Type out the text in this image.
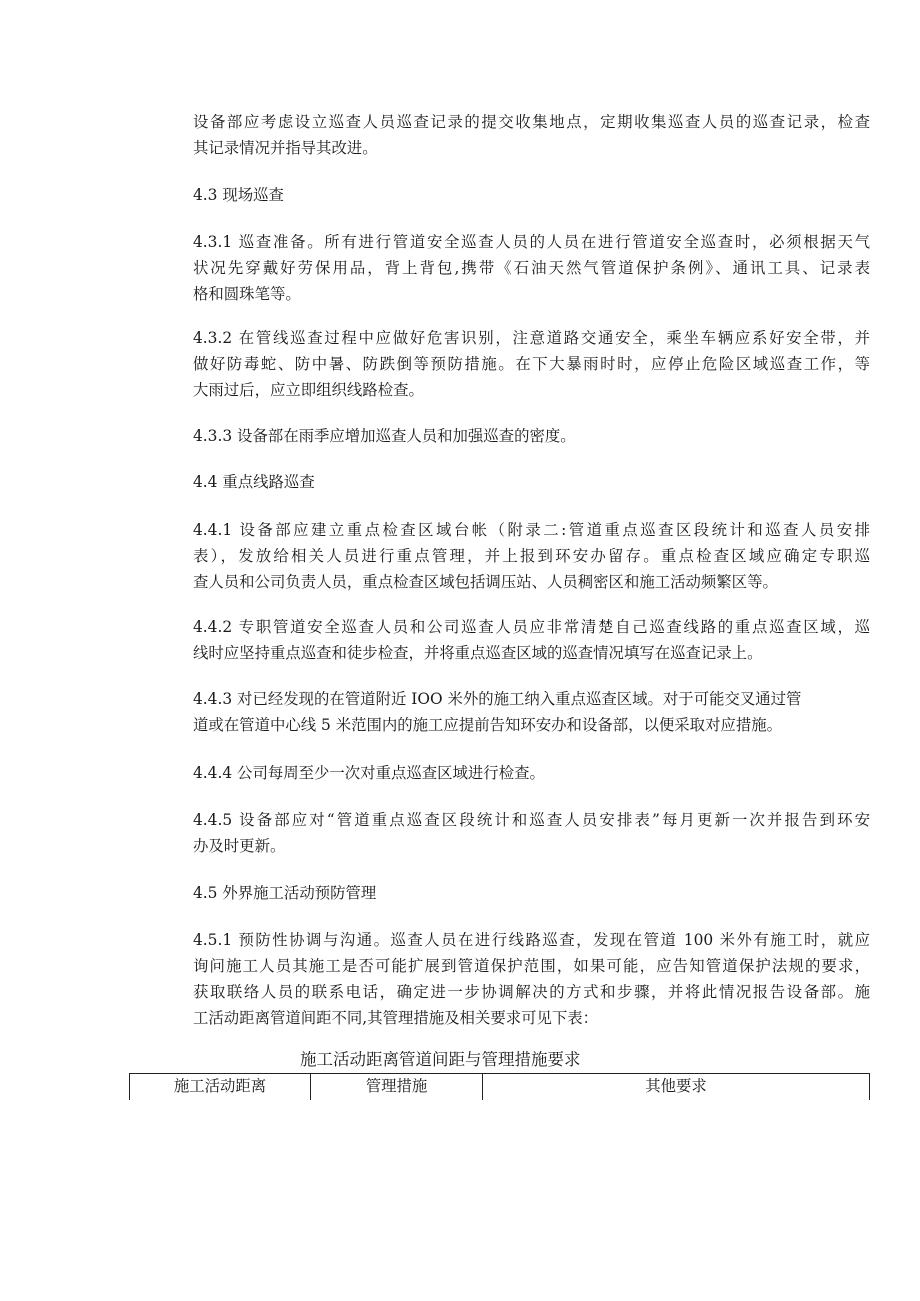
设备部应考虑设立巡查人员巡查记录的提交收集地点，定期收集巡查人员的巡查记录，检查
其记录情况并指导其改进。
4.3 现场巡查
4.3.1 巡查准备。所有进行管道安全巡查人员的人员在进行管道安全巡查时，必须根据天气
状况先穿戴好劳保用品，背上背包,携带《石油天然气管道保护条例》、通讯工具、记录表
格和圆珠笔等。
4.3.2 在管线巡查过程中应做好危害识别，注意道路交通安全，乘坐车辆应系好安全带，并
做好防毒蛇、防中暑、防跌倒等预防措施。在下大暴雨时时，应停止危险区域巡查工作，等
大雨过后，应立即组织线路检查。
4.3.3 设备部在雨季应增加巡查人员和加强巡查的密度。
4.4 重点线路巡查
4.4.1 设备部应建立重点检查区域台帐（附录二:管道重点巡查区段统计和巡查人员安排
表），发放给相关人员进行重点管理，并上报到环安办留存。重点检查区域应确定专职巡
查人员和公司负责人员，重点检查区域包括调压站、人员稠密区和施工活动频繁区等。
4.4.2 专职管道安全巡查人员和公司巡查人员应非常清楚自己巡查线路的重点巡查区域，巡
线时应坚持重点巡查和徒步检查，并将重点巡查区域的巡查情况填写在巡查记录上。
4.4.3 对已经发现的在管道附近 IOO 米外的施工纳入重点巡查区域。对于可能交叉通过管
道或在管道中心线 5 米范围内的施工应提前告知环安办和设备部，以便采取对应措施。
4.4.4 公司每周至少一次对重点巡查区域进行检查。
4.4.5 设备部应对“管道重点巡查区段统计和巡查人员安排表”每月更新一次并报告到环安
办及时更新。
4.5 外界施工活动预防管理
4.5.1 预防性协调与沟通。巡查人员在进行线路巡查，发现在管道 100 米外有施工时，就应
询问施工人员其施工是否可能扩展到管道保护范围，如果可能，应告知管道保护法规的要求，
获取联络人员的联系电话，确定进一步协调解决的方式和步骤，并将此情况报告设备部。施
工活动距离管道间距不同,其管理措施及相关要求可见下表：
施工活动距离管道间距与管理措施要求
施工活动距离	管理措施	其他要求
